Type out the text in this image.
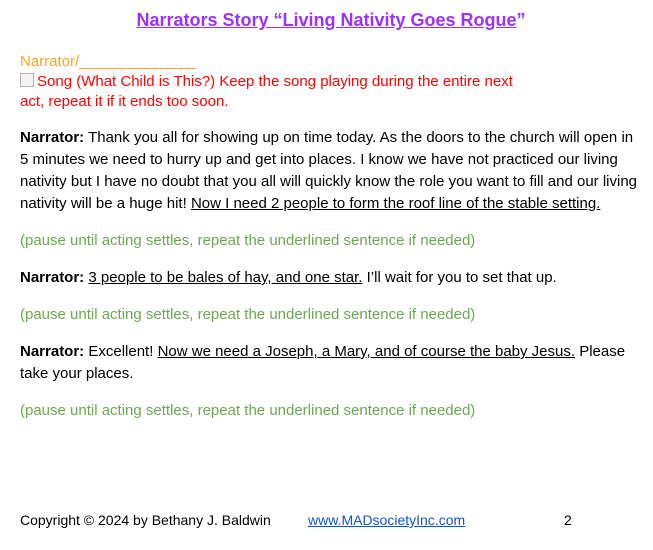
Narrators Story “Living Nativity Goes Rogue”
Narrator/______________
Song (What Child is This?) Keep the song playing during the entire next
act, repeat it if it ends too soon.
Narrator: Thank you all for showing up on time today. As the doors to the church will open in 5 minutes we need to hurry up and get into places. I know we have not practiced our living nativity but I have no doubt that you all will quickly know the role you want to fill and our living nativity will be a huge hit! Now I need 2 people to form the roof line of the stable setting.
(pause until acting settles, repeat the underlined sentence if needed)
Narrator: 3 people to be bales of hay, and one star. I’ll wait for you to set that up.
(pause until acting settles, repeat the underlined sentence if needed)
Narrator: Excellent! Now we need a Joseph, a Mary, and of course the baby Jesus. Please take your places.
(pause until acting settles, repeat the underlined sentence if needed)
Copyright © 2024 by Bethany J. Baldwin	www.MADsocietyInc.com	2
